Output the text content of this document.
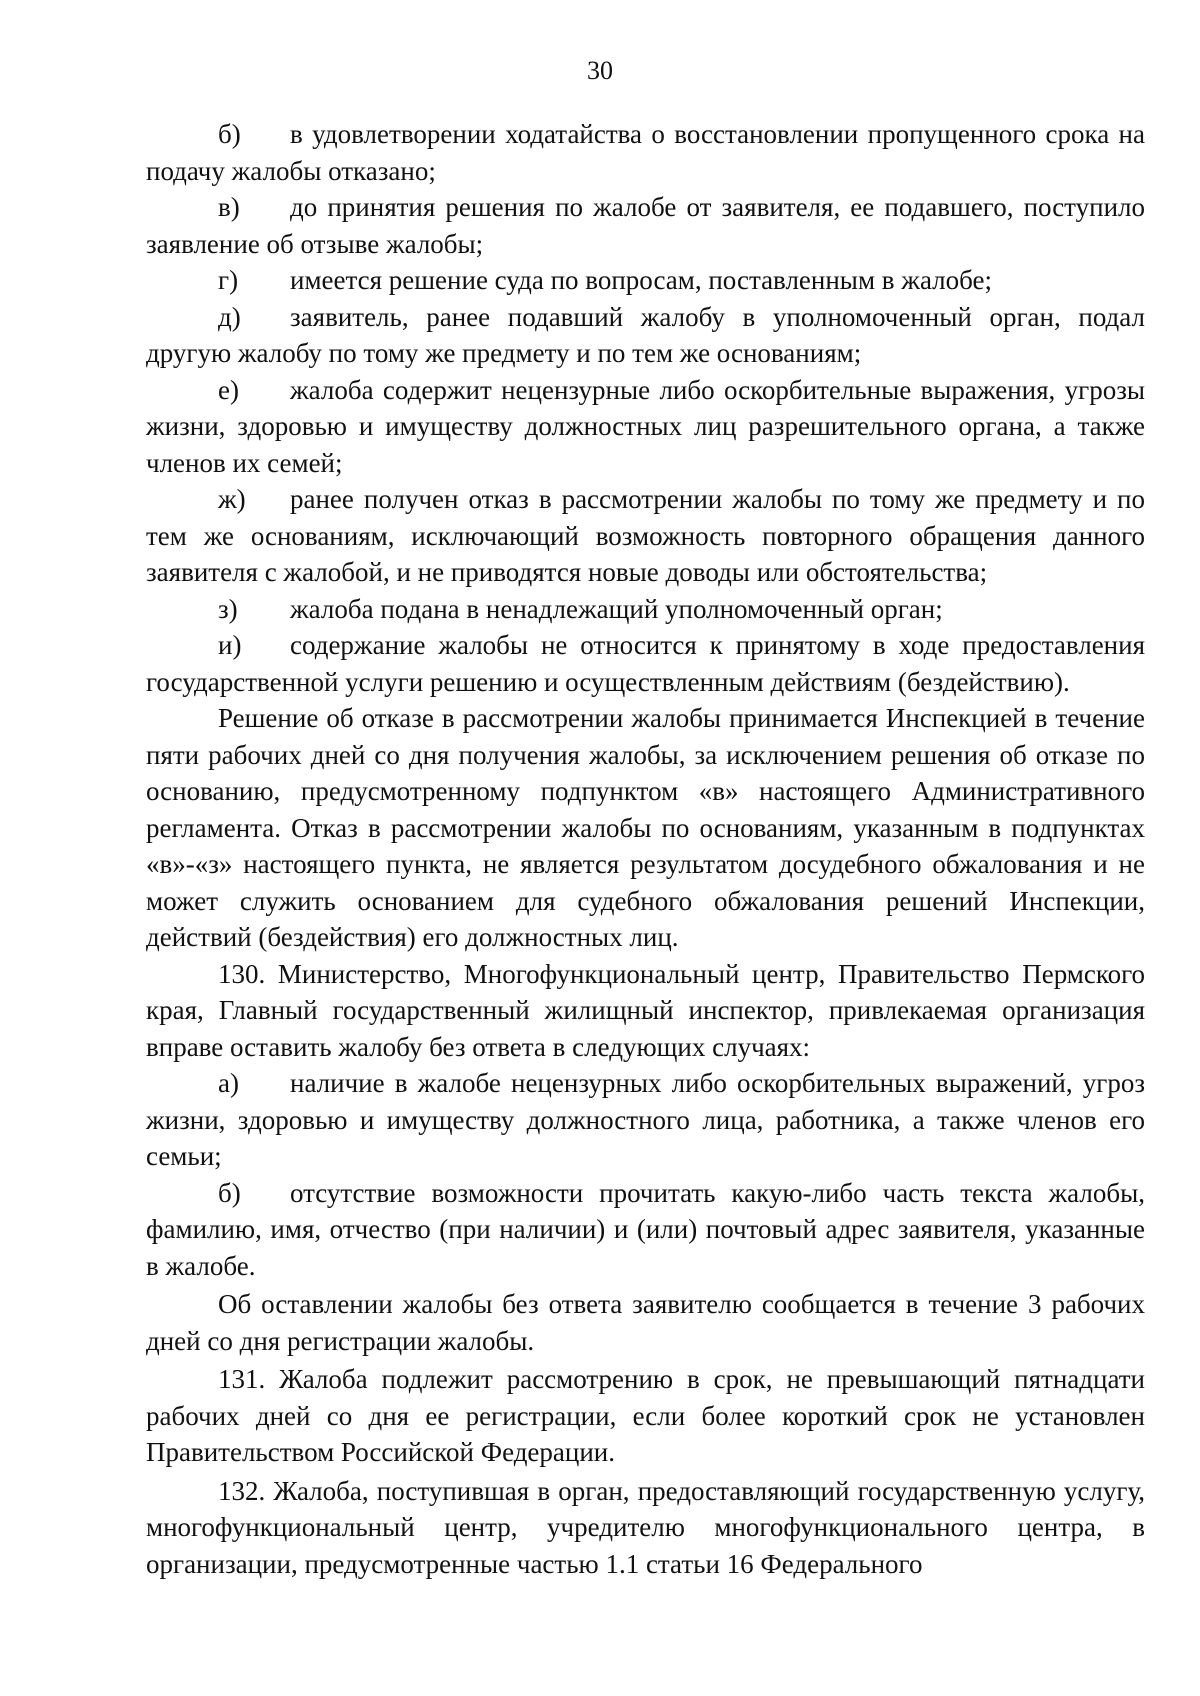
30

б) в удовлетворении ходатайства о восстановлении пропущенного срока на подачу жалобы отказано;

в) до принятия решения по жалобе от заявителя, ее подавшего, поступило заявление об отзыве жалобы;

г) имеется решение суда по вопросам, поставленным в жалобе;

д) заявитель, ранее подавший жалобу в уполномоченный орган, подал другую жалобу по тому же предмету и по тем же основаниям;

е) жалоба содержит нецензурные либо оскорбительные выражения, угрозы жизни, здоровью и имуществу должностных лиц разрешительного органа, а также членов их семей;

ж) ранее получен отказ в рассмотрении жалобы по тому же предмету и по тем же основаниям, исключающий возможность повторного обращения данного заявителя с жалобой, и не приводятся новые доводы или обстоятельства;

з) жалоба подана в ненадлежащий уполномоченный орган;

и) содержание жалобы не относится к принятому в ходе предоставления государственной услуги решению и осуществленным действиям (бездействию).

Решение об отказе в рассмотрении жалобы принимается Инспекцией в течение пяти рабочих дней со дня получения жалобы, за исключением решения об отказе по основанию, предусмотренному подпунктом «в» настоящего Административного регламента. Отказ в рассмотрении жалобы по основаниям, указанным в подпунктах «в»-«з» настоящего пункта, не является результатом досудебного обжалования и не может служить основанием для судебного обжалования решений Инспекции, действий (бездействия) его должностных лиц.

130. Министерство, Многофункциональный центр, Правительство Пермского края, Главный государственный жилищный инспектор, привлекаемая организация вправе оставить жалобу без ответа в следующих случаях:

а) наличие в жалобе нецензурных либо оскорбительных выражений, угроз жизни, здоровью и имуществу должностного лица, работника, а также членов его семьи;

б) отсутствие возможности прочитать какую-либо часть текста жалобы, фамилию, имя, отчество (при наличии) и (или) почтовый адрес заявителя, указанные в жалобе.

Об оставлении жалобы без ответа заявителю сообщается в течение 3 рабочих дней со дня регистрации жалобы.

131. Жалоба подлежит рассмотрению в срок, не превышающий пятнадцати рабочих дней со дня ее регистрации, если более короткий срок не установлен Правительством Российской Федерации.

132. Жалоба, поступившая в орган, предоставляющий государственную услугу, многофункциональный центр, учредителю многофункционального центра, в организации, предусмотренные частью 1.1 статьи 16 Федерального
